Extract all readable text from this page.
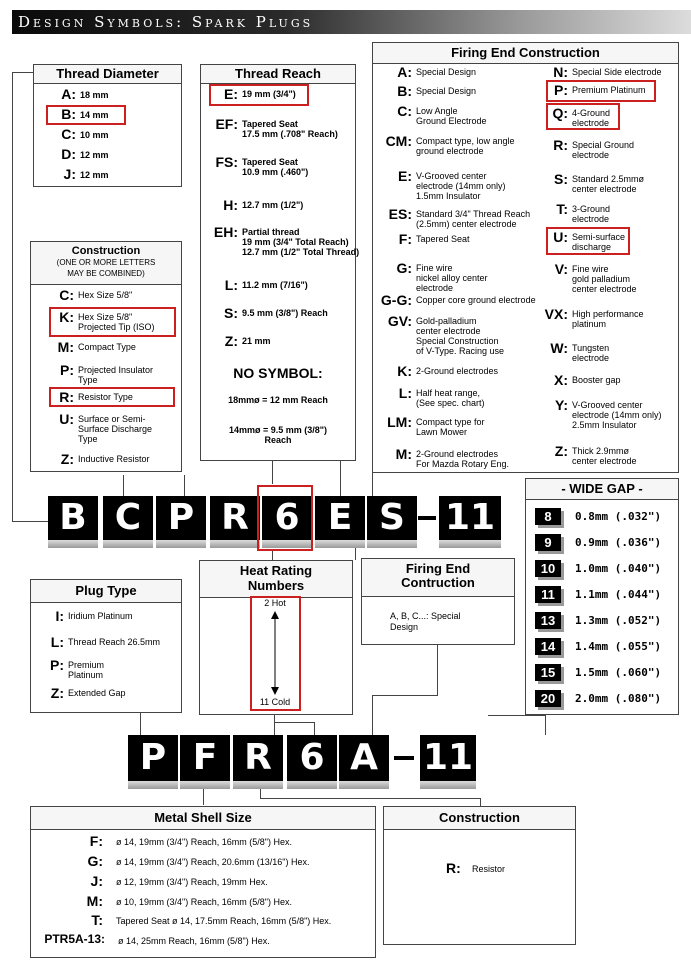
Design Symbols: Spark Plugs
Thread Diameter
Construction
(ONE OR MORE LETTERS
MAY BE COMBINED)
Thread Reach
NO SYMBOL:
18mmø = 12 mm Reach
14mmø = 9.5 mm (3/8")
Reach
Firing End Construction
- WIDE GAP -
Plug Type
Heat Rating
Numbers
2 Hot
11 Cold
Firing End
Contruction
A, B, C...: Special
Design
Metal Shell Size	Construction
R: Resistor
A: 18 mm
B: 14 mm
C: 10 mm
D: 12 mm
J: 12 mm
C: Hex Size 5/8"
K: Hex Size 5/8"
Projected Tip (ISO)
M: Compact Type
P: Projected Insulator
Type
R: Resistor Type
U: Surface or Semi-
Surface Discharge
Type
Z: Inductive Resistor
E: 19 mm (3/4")
EF: Tapered Seat
17.5 mm (.708" Reach)
FS: Tapered Seat
10.9 mm (.460")
H: 12.7 mm (1/2")
EH: Partial thread
19 mm (3/4" Total Reach)
12.7 mm (1/2" Total Thread)
L: 11.2 mm (7/16")
S: 9.5 mm (3/8") Reach
Z: 21 mm
A: Special Design
B: Special Design
C: Low Angle
Ground Electrode
CM: Compact type, low angle
ground electrode
E: V-Grooved center
electrode (14mm only)
1.5mm Insulator
ES: Standard 3/4" Thread Reach
(2.5mm) center electrode
F: Tapered Seat
G: Fine wire
nickel alloy center
electrode
G-G: Copper core ground electrode
GV: Gold-palladium
center electrode
Special Construction
of V-Type. Racing use
K: 2-Ground electrodes
L: Half heat range,
(See spec. chart)
LM: Compact type for
Lawn Mower
M: 2-Ground electrodes
For Mazda Rotary Eng.
N: Special Side electrode
P: Premium Platinum
Q: 4-Ground
electrode
R: Special Ground
electrode
S: Standard 2.5mmø
center electrode
T: 3-Ground
electrode
U: Semi-surface
discharge
V: Fine wire
gold palladium
center electrode
VX: High performance
platinum
W: Tungsten
electrode
X: Booster gap
Y: V-Grooved center
electrode (14mm only)
2.5mm Insulator
Z: Thick 2.9mmø
center electrode
B C P R 6 E S	11	8	0.8mm (.032")
9	0.9mm (.036")
10	1.0mm (.040")
11	1.1mm (.044")
13	1.3mm (.052")
14	1.4mm (.055")
15	1.5mm (.060")
20	2.0mm (.080")
I: Iridium Platinum
L: Thread Reach 26.5mm
P: Premium
Platinum
Z: Extended Gap
P F R 6 A	11
F: ø 14, 19mm (3/4") Reach, 16mm (5/8") Hex.
G: ø 14, 19mm (3/4") Reach, 20.6mm (13/16") Hex.
J: ø 12, 19mm (3/4") Reach, 19mm Hex.
M: ø 10, 19mm (3/4") Reach, 16mm (5/8") Hex.
T: Tapered Seat ø 14, 17.5mm Reach, 16mm (5/8") Hex.
PTR5A-13: ø 14, 25mm Reach, 16mm (5/8") Hex.
